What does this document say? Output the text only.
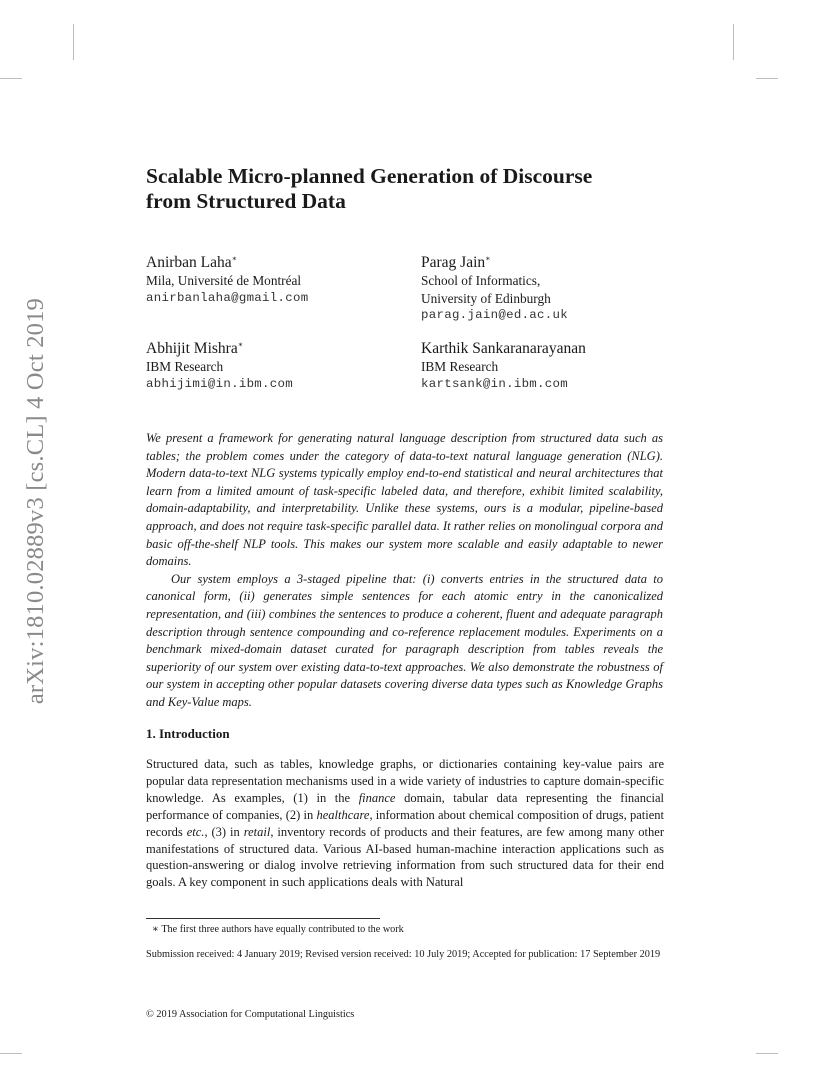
arXiv:1810.02889v3 [cs.CL] 4 Oct 2019
Scalable Micro-planned Generation of Discourse
from Structured Data
Anirban Laha∗
Mila, Université de Montréal
anirbanlaha@gmail.com
Parag Jain∗
School of Informatics,
University of Edinburgh
parag.jain@ed.ac.uk
Abhijit Mishra∗
IBM Research
abhijimi@in.ibm.com
Karthik Sankaranarayanan
IBM Research
kartsank@in.ibm.com

We present a framework for generating natural language description from structured data such as tables; the problem comes under the category of data-to-text natural language generation (NLG). Modern data-to-text NLG systems typically employ end-to-end statistical and neural architectures that learn from a limited amount of task-specific labeled data, and therefore, exhibit limited scalability, domain-adaptability, and interpretability. Unlike these systems, ours is a modular, pipeline-based approach, and does not require task-specific parallel data. It rather relies on monolingual corpora and basic off-the-shelf NLP tools. This makes our system more scalable and easily adaptable to newer domains.

Our system employs a 3-staged pipeline that: (i) converts entries in the structured data to canonical form, (ii) generates simple sentences for each atomic entry in the canonicalized representation, and (iii) combines the sentences to produce a coherent, fluent and adequate paragraph description through sentence compounding and co-reference replacement modules. Experiments on a benchmark mixed-domain dataset curated for paragraph description from tables reveals the superiority of our system over existing data-to-text approaches. We also demonstrate the robustness of our system in accepting other popular datasets covering diverse data types such as Knowledge Graphs and Key-Value maps.

1. Introduction

Structured data, such as tables, knowledge graphs, or dictionaries containing key-value pairs are popular data representation mechanisms used in a wide variety of industries to capture domain-specific knowledge. As examples, (1) in the finance domain, tabular data representing the financial performance of companies, (2) in healthcare, information about chemical composition of drugs, patient records etc., (3) in retail, inventory records of products and their features, are few among many other manifestations of structured data. Various AI-based human-machine interaction applications such as question-answering or dialog involve retrieving information from such structured data for their end goals. A key component in such applications deals with Natural

∗ The first three authors have equally contributed to the work
Submission received: 4 January 2019; Revised version received: 10 July 2019; Accepted for publication: 17 September 2019
© 2019 Association for Computational Linguistics
